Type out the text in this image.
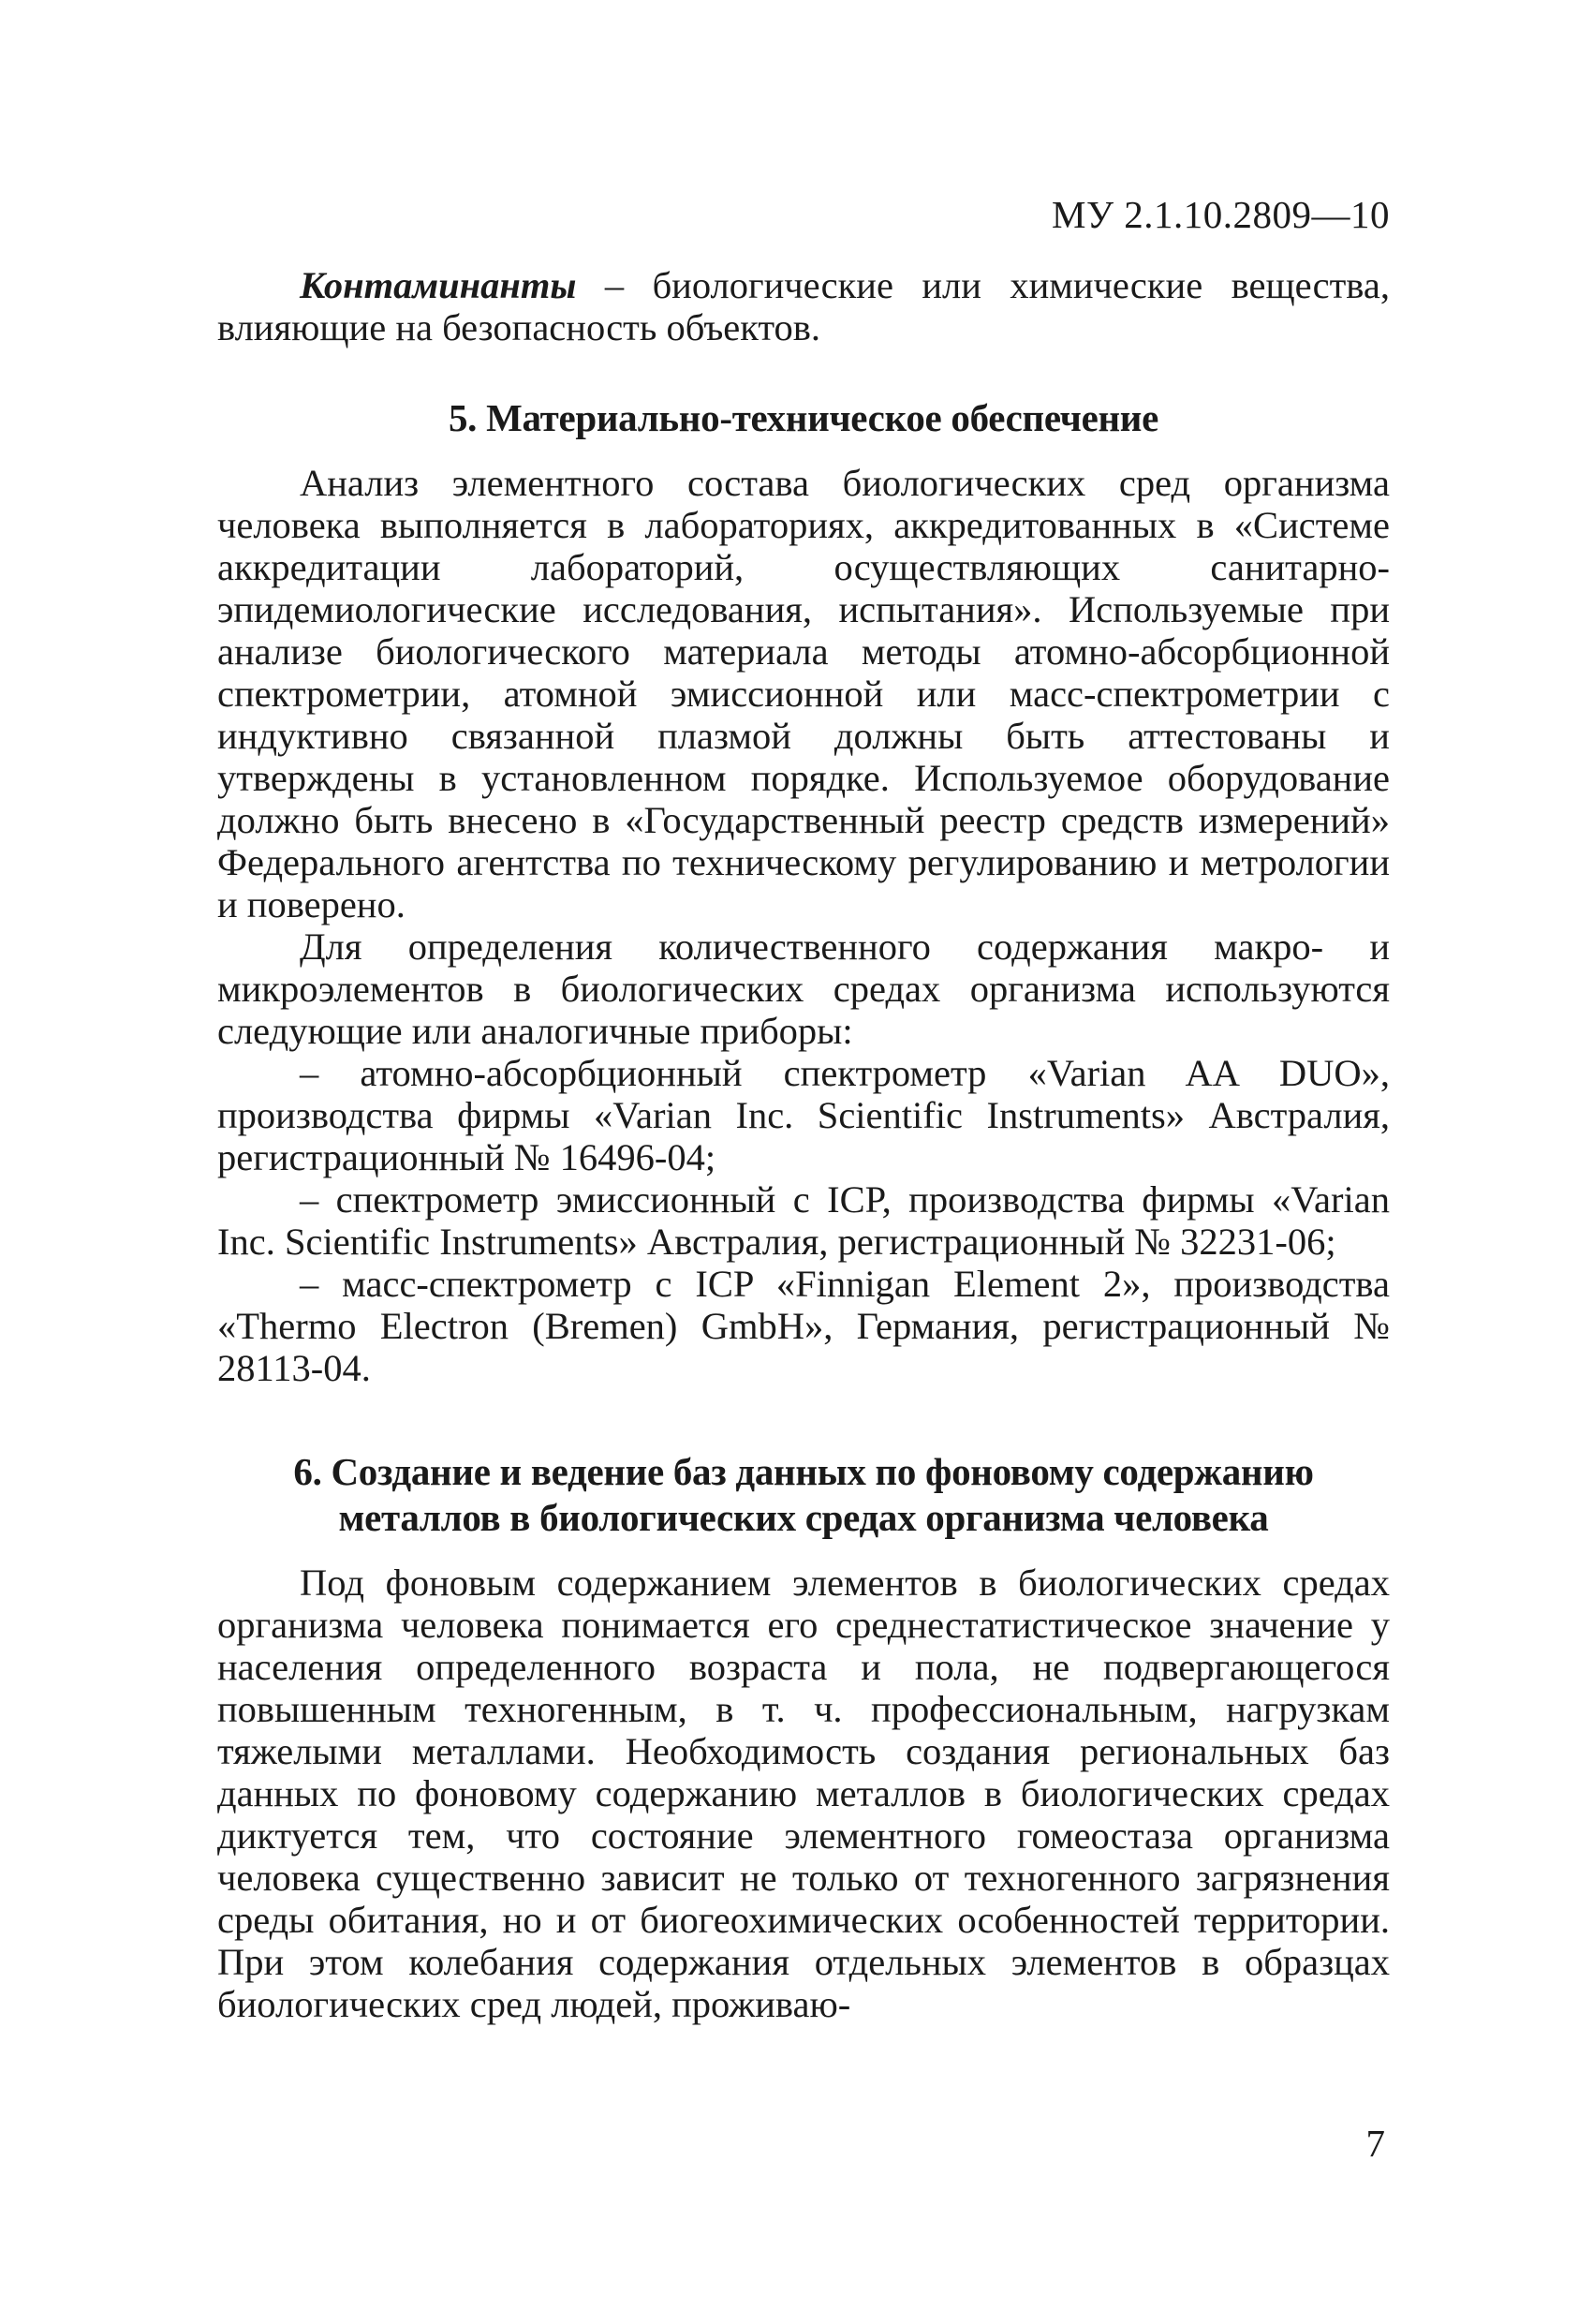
МУ 2.1.10.2809—10

Контаминанты – биологические или химические вещества, влияющие на безопасность объектов.

5. Материально-техническое обеспечение

Анализ элементного состава биологических сред организма человека выполняется в лабораториях, аккредитованных в «Системе аккредитации лабораторий, осуществляющих санитарно-эпидемиологические исследования, испытания». Используемые при анализе биологического материала методы атомно-абсорбционной спектрометрии, атомной эмиссионной или масс-спектрометрии с индуктивно связанной плазмой должны быть аттестованы и утверждены в установленном порядке. Используемое оборудование должно быть внесено в «Государственный реестр средств измерений» Федерального агентства по техническому регулированию и метрологии и поверено.

Для определения количественного содержания макро- и микроэлементов в биологических средах организма используются следующие или аналогичные приборы:

– атомно-абсорбционный спектрометр «Varian AA DUO», производства фирмы «Varian Inc. Scientific Instruments» Австралия, регистрационный № 16496-04;

– спектрометр эмиссионный с ICP, производства фирмы «Varian Inc. Scientific Instruments» Австралия, регистрационный № 32231-06;

– масс-спектрометр с ICP «Finnigan Element 2», производства «Thermo Electron (Bremen) GmbH», Германия, регистрационный № 28113-04.

6. Создание и ведение баз данных по фоновому содержанию
металлов в биологических средах организма человека

Под фоновым содержанием элементов в биологических средах организма человека понимается его среднестатистическое значение у населения определенного возраста и пола, не подвергающегося повышенным техногенным, в т. ч. профессиональным, нагрузкам тяжелыми металлами. Необходимость создания региональных баз данных по фоновому содержанию металлов в биологических средах диктуется тем, что состояние элементного гомеостаза организма человека существенно зависит не только от техногенного загрязнения среды обитания, но и от биогеохимических особенностей территории. При этом колебания содержания отдельных элементов в образцах биологических сред людей, проживаю-

7
